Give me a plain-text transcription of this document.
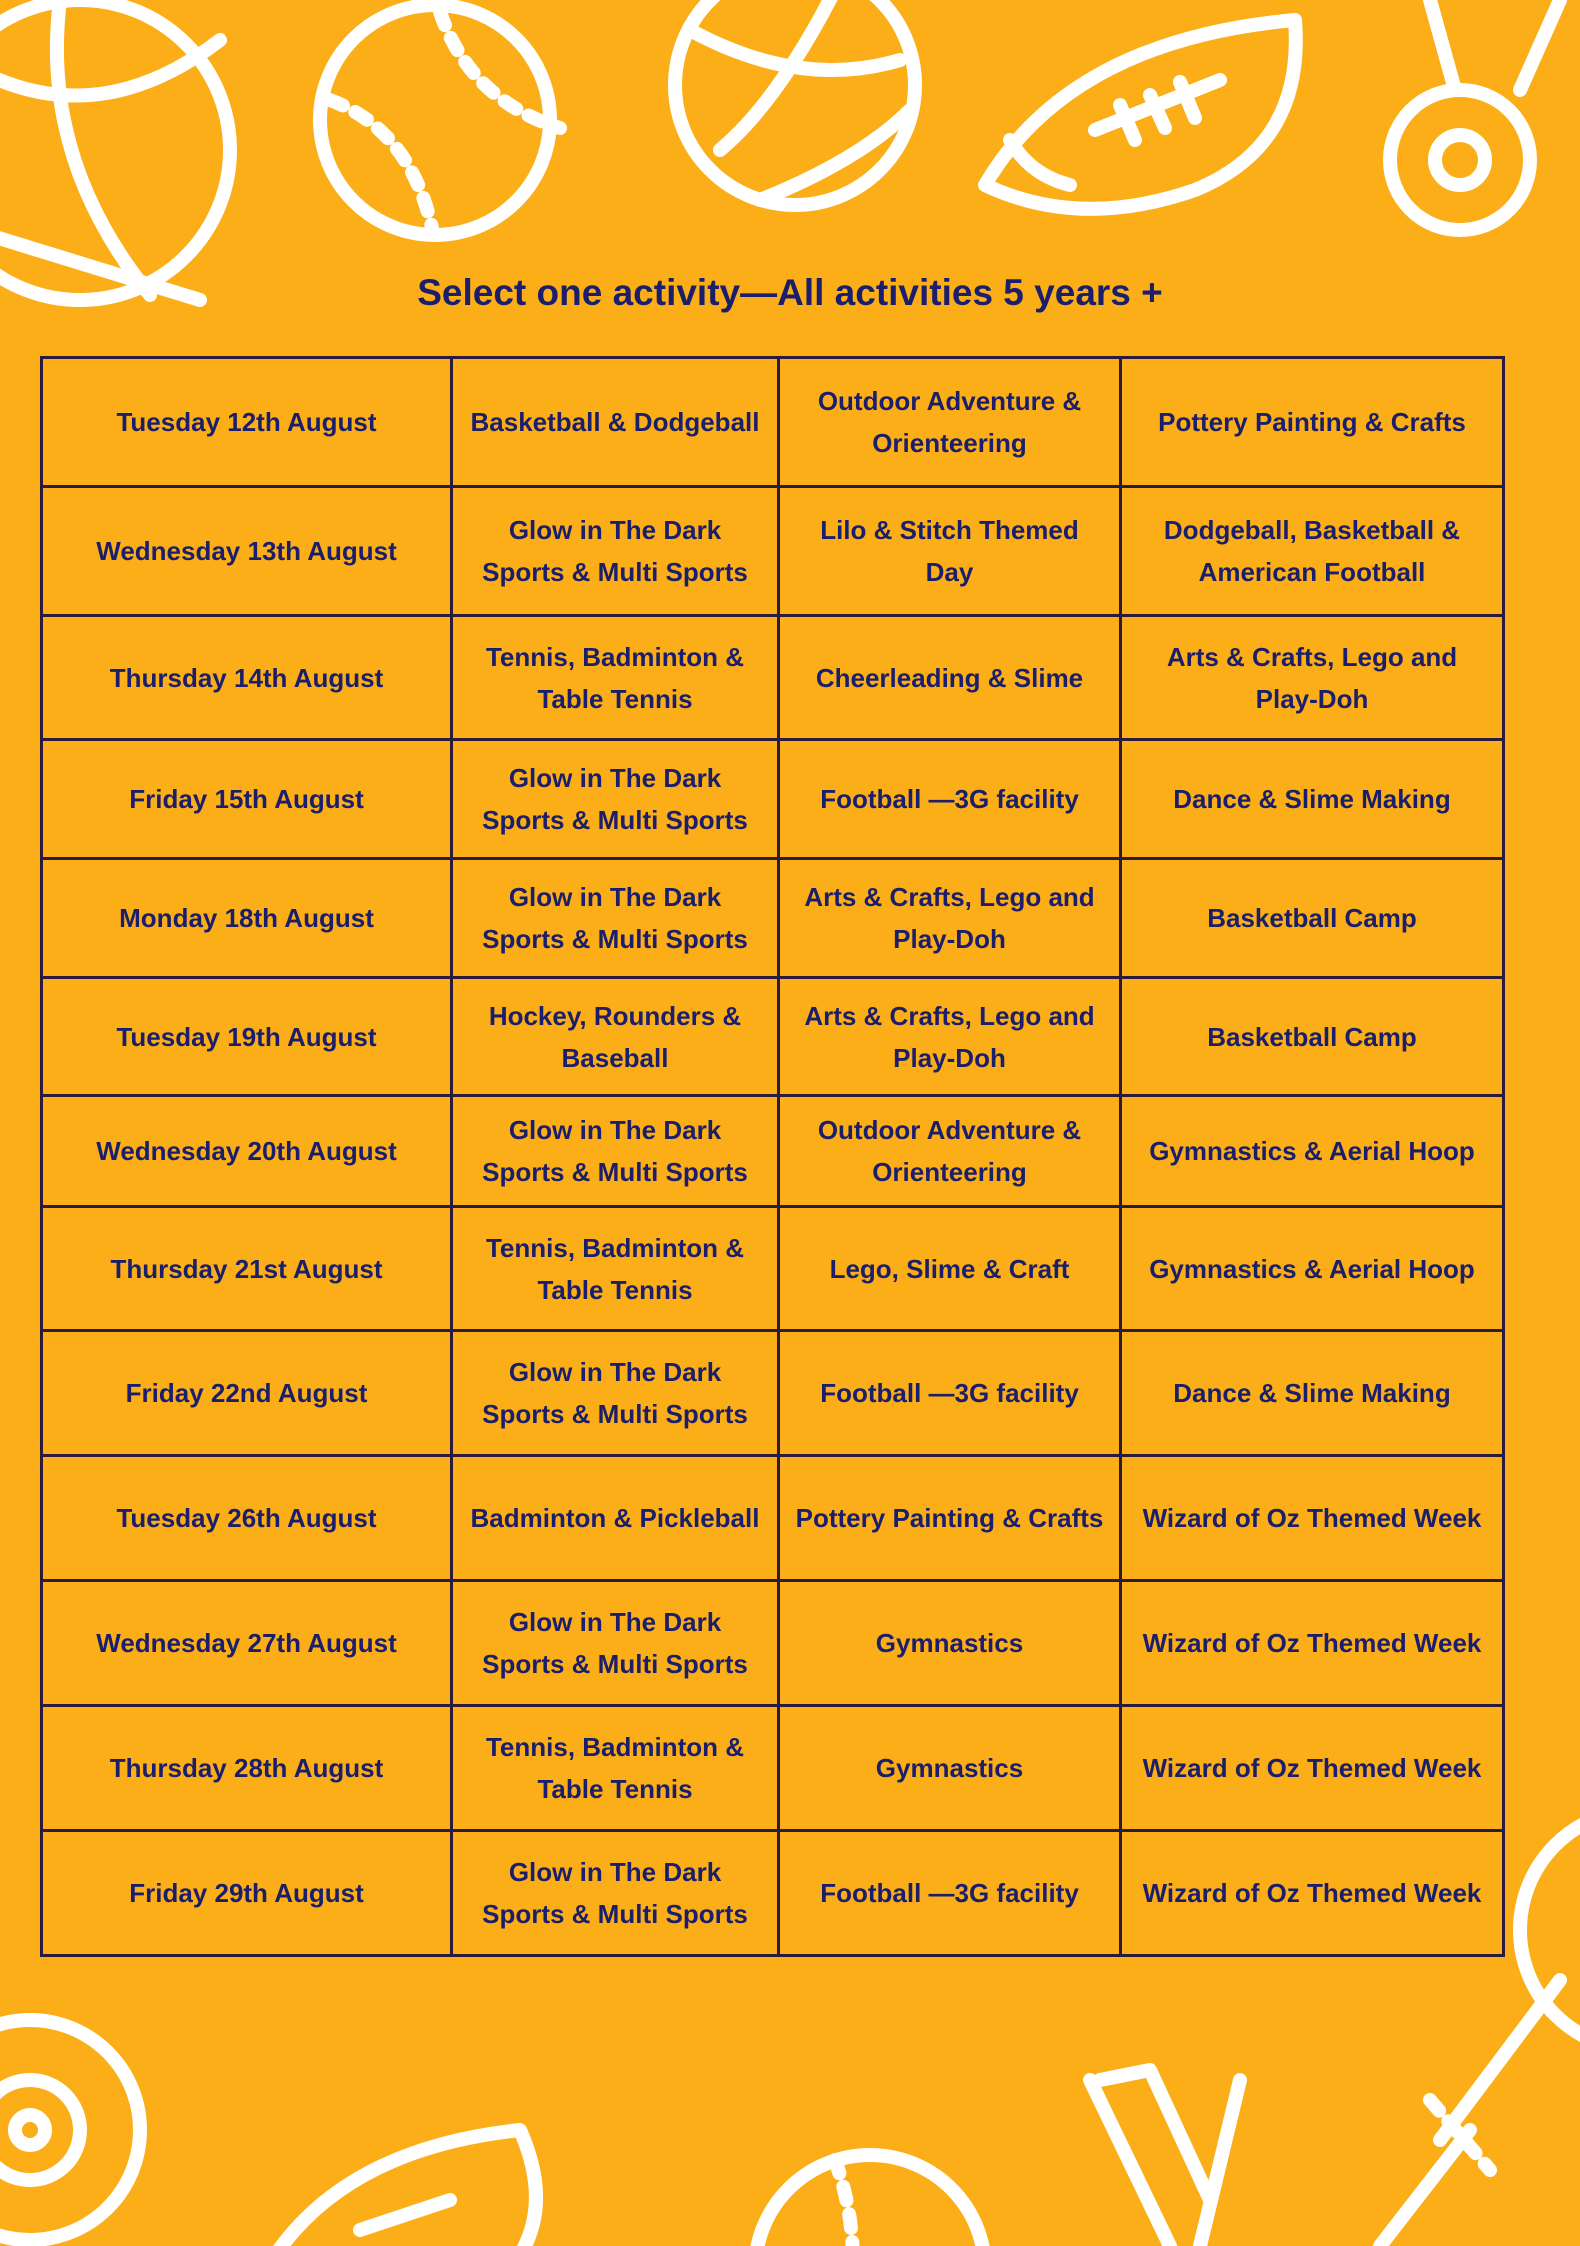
Select one activity—All activities 5 years +
Tuesday 12th August	Basketball & Dodgeball	Outdoor Adventure & Orienteering	Pottery Painting & Crafts
Wednesday 13th August	Glow in The Dark Sports & Multi Sports	Lilo & Stitch Themed Day	Dodgeball, Basketball & American Football
Thursday 14th August	Tennis, Badminton & Table Tennis	Cheerleading & Slime	Arts & Crafts, Lego and Play-Doh
Friday 15th August	Glow in The Dark Sports & Multi Sports	Football —3G facility	Dance & Slime Making
Monday 18th August	Glow in The Dark Sports & Multi Sports	Arts & Crafts, Lego and Play-Doh	Basketball Camp
Tuesday 19th August	Hockey, Rounders & Baseball	Arts & Crafts, Lego and Play-Doh	Basketball Camp
Wednesday 20th August	Glow in The Dark Sports & Multi Sports	Outdoor Adventure & Orienteering	Gymnastics & Aerial Hoop
Thursday 21st August	Tennis, Badminton & Table Tennis	Lego, Slime & Craft	Gymnastics & Aerial Hoop
Friday 22nd August	Glow in The Dark Sports & Multi Sports	Football —3G facility	Dance & Slime Making
Tuesday 26th August	Badminton & Pickleball	Pottery Painting & Crafts	Wizard of Oz Themed Week
Wednesday 27th August	Glow in The Dark Sports & Multi Sports	Gymnastics	Wizard of Oz Themed Week
Thursday 28th August	Tennis, Badminton & Table Tennis	Gymnastics	Wizard of Oz Themed Week
Friday 29th August	Glow in The Dark Sports & Multi Sports	Football —3G facility	Wizard of Oz Themed Week
